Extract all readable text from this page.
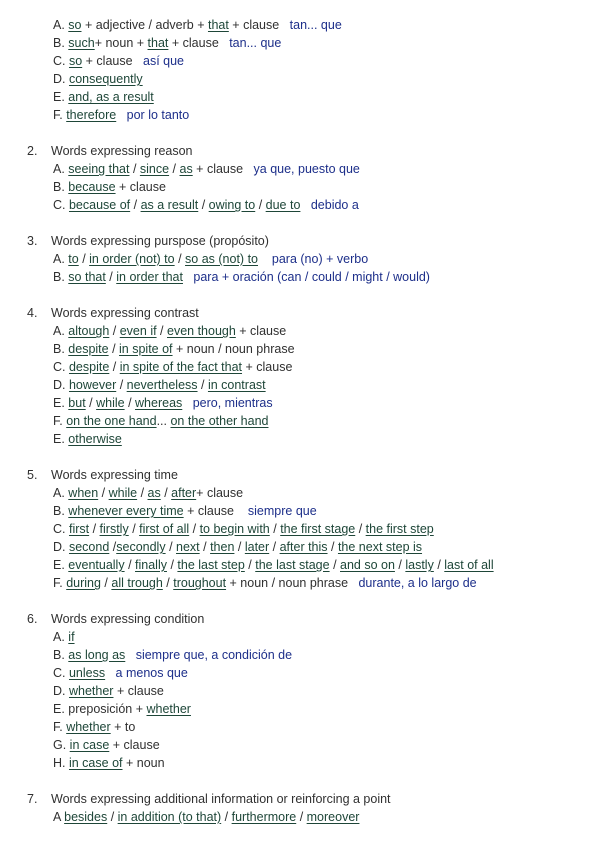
A. so + adjective / adverb + that + clause   tan... que
B. such+ noun + that + clause   tan... que
C. so + clause   así que
D. consequently
E. and, as a result
F. therefore por lo tanto
2. Words expressing reason
A. seeing that / since / as + clause   ya que, puesto que
B. because + clause
C. because of / as a result / owing to / due to debido a
3. Words expressing purspose (propósito)
A. to / in order (not) to / so as (not) to para (no) + verbo
B. so that / in order that para + oración (can / could / might / would)
4. Words expressing contrast
A. altough / even if / even though + clause
B. despite / in spite of + noun / noun phrase
C. despite / in spite of the fact that + clause
D. however / nevertheless / in contrast
E. but / while / whereas pero, mientras
F. on the one hand... on the other hand
E. otherwise
5. Words expressing time
A. when / while / as / after+ clause
B. whenever every time + clause    siempre que
C. first / firstly / first of all / to begin with / the first stage / the first step
D. second /secondly / next / then / later / after this / the next step is
E. eventually / finally / the last step / the last stage / and so on / lastly / last of all
F. during / all trough / troughout + noun / noun phrase   durante, a lo largo de
6. Words expressing condition
A. if
B. as long as siempre que, a condición de
C. unless a menos que
D. whether + clause
E. preposición + whether
F. whether + to
G. in case + clause
H. in case of + noun
7. Words expressing additional information or reinforcing a point
A besides / in addition (to that) / furthermore / moreover
